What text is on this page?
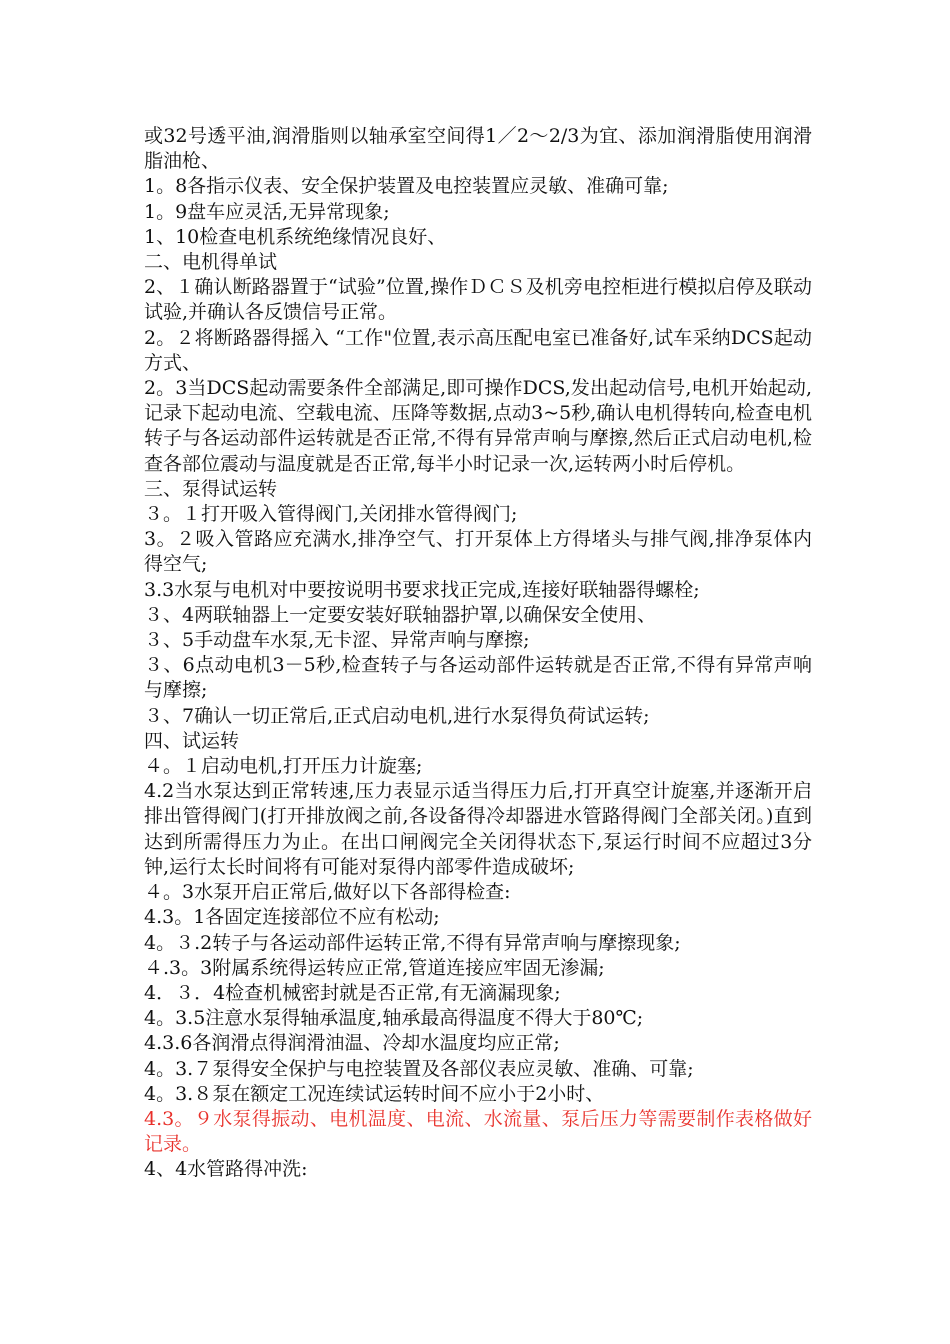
或32号透平油,润滑脂则以轴承室空间得1／2～2/3为宜、添加润滑脂使用润滑脂油枪、

1。8各指示仪表、安全保护装置及电控装置应灵敏、准确可靠;

1。9盘车应灵活,无异常现象;

1、10检查电机系统绝缘情况良好、

二、电机得单试

2、１确认断路器置于“试验”位置,操作ＤＣＳ及机旁电控柜进行模拟启停及联动试验,并确认各反馈信号正常。

2。２将断路器得摇入 “工作"位置,表示高压配电室已准备好,试车采纳DCS起动方式、

2。3当DCS起动需要条件全部满足,即可操作DCS,发出起动信号,电机开始起动,记录下起动电流、空载电流、压降等数据,点动3~5秒,确认电机得转向,检查电机转子与各运动部件运转就是否正常,不得有异常声响与摩擦,然后正式启动电机,检查各部位震动与温度就是否正常,每半小时记录一次,运转两小时后停机。

三、泵得试运转

３。１打开吸入管得阀门,关闭排水管得阀门;

3。２吸入管路应充满水,排净空气、打开泵体上方得堵头与排气阀,排净泵体内得空气;

3.3水泵与电机对中要按说明书要求找正完成,连接好联轴器得螺栓;

３、4两联轴器上一定要安装好联轴器护罩,以确保安全使用、

３、5手动盘车水泵,无卡涩、异常声响与摩擦;

３、6点动电机3－5秒,检查转子与各运动部件运转就是否正常,不得有异常声响与摩擦;

３、7确认一切正常后,正式启动电机,进行水泵得负荷试运转;

四、试运转

４。１启动电机,打开压力计旋塞;

4.2当水泵达到正常转速,压力表显示适当得压力后,打开真空计旋塞,并逐渐开启排出管得阀门(打开排放阀之前,各设备得冷却器进水管路得阀门全部关闭。)直到达到所需得压力为止。在出口闸阀完全关闭得状态下,泵运行时间不应超过3分钟,运行太长时间将有可能对泵得内部零件造成破坏;

４。3水泵开启正常后,做好以下各部得检查:

4.3。1各固定连接部位不应有松动;

4。３.2转子与各运动部件运转正常,不得有异常声响与摩擦现象;

４.3。3附属系统得运转应正常,管道连接应牢固无渗漏;

4．３．4检查机械密封就是否正常,有无滴漏现象;

4。3.5注意水泵得轴承温度,轴承最高得温度不得大于80℃;

4.3.6各润滑点得润滑油温、冷却水温度均应正常;

4。3.７泵得安全保护与电控装置及各部仪表应灵敏、准确、可靠;

4。3.８泵在额定工况连续试运转时间不应小于2小时、

4.3。９水泵得振动、电机温度、电流、水流量、泵后压力等需要制作表格做好记录。

4、4水管路得冲洗:
